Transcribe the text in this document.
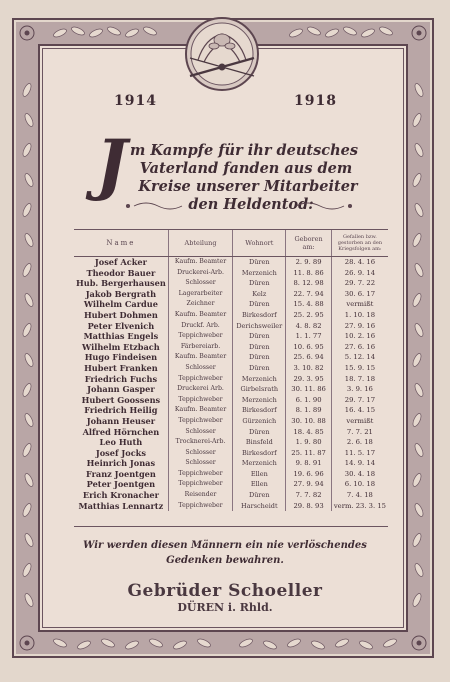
1914	1918
J m Kampfe für ihr deutsches
Vaterland fanden aus dem
Kreise unserer Mitarbeiter
den Heldentod:
Name	Abteilung	Wohnort	Geboren am:	Gefallen bzw. gestorben an den Kriegsfolgen am:
Josef Acker	Kaufm. Beamter	Düren	2. 9. 89	28. 4. 16
Theodor Bauer	Druckerei-Arb.	Merzenich	11. 8. 86	26. 9. 14
Hub. Bergerhausen	Schlosser	Düren	8. 12. 98	29. 7. 22
Jakob Bergrath	Lagerarbeiter	Kelz	22. 7. 94	30. 6. 17
Wilhelm Cardue	Zeichner	Düren	15. 4. 88	vermißt
Hubert Dohmen	Kaufm. Beamter	Birkesdorf	25. 2. 95	1. 10. 18
Peter Elvenich	Druckf. Arb.	Derichsweiler	4. 8. 82	27. 9. 16
Matthias Engels	Teppichweber	Düren	1. 1. 77	10. 2. 16
Wilhelm Etzbach	Färbereiarb.	Düren	10. 6. 95	27. 6. 16
Hugo Findeisen	Kaufm. Beamter	Düren	25. 6. 94	5. 12. 14
Hubert Franken	Schlosser	Düren	3. 10. 82	15. 9. 15
Friedrich Fuchs	Teppichweber	Merzenich	29. 3. 95	18. 7. 18
Johann Gasper	Druckerei Arb.	Girbelsrath	30. 11. 86	3. 9. 16
Hubert Goossens	Teppichweber	Merzenich	6. 1. 90	29. 7. 17
Friedrich Heilig	Kaufm. Beamter	Birkesdorf	8. 1. 89	16. 4. 15
Johann Heuser	Teppichweber	Gürzenich	30. 10. 88	vermißt
Alfred Hörnchen	Schlosser	Düren	18. 4. 85	7. 7. 21
Leo Huth	Trocknerei-Arb.	Binsfeld	1. 9. 80	2. 6. 18
Josef Jocks	Schlosser	Birkesdorf	25. 11. 87	11. 5. 17
Heinrich Jonas	Schlosser	Merzenich	9. 8. 91	14. 9. 14
Franz Joentgen	Teppichweber	Ellen	19. 6. 96	30. 4. 18
Peter Joentgen	Teppichweber	Ellen	27. 9. 94	6. 10. 18
Erich Kronacher	Reisender	Düren	7. 7. 82	7. 4. 18
Matthias Lennartz	Teppichweber	Harscheidt	29. 8. 93	verm. 23. 3. 15
Wir werden diesen Männern ein nie verlöschendes
Gedenken bewahren.
Gebrüder Schoeller
DÜREN i. Rhld.
